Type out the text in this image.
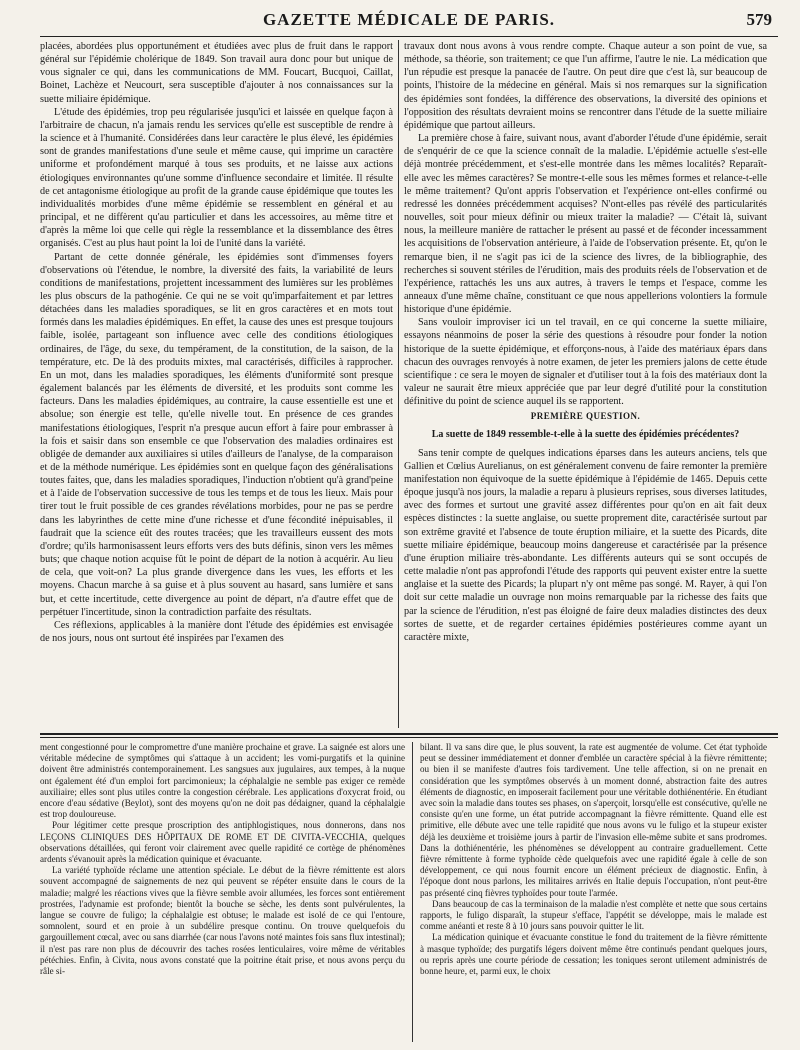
GAZETTE MÉDICALE DE PARIS.	579

placées, abordées plus opportunément et étudiées avec plus de fruit dans le rapport général sur l'épidémie cholérique de 1849. Son travail aura donc pour but unique de vous signaler ce qui, dans les communications de MM. Foucart, Bucquoi, Caillat, Boinet, Lachèze et Neucourt, sera susceptible d'ajouter à nos connaissances sur la suette miliaire épidémique.

L'étude des épidémies, trop peu régularisée jusqu'ici et laissée en quelque façon à l'arbitraire de chacun, n'a jamais rendu les services qu'elle est susceptible de rendre à la science et à l'humanité. Considérées dans leur caractère le plus élevé, les épidémies sont de grandes manifestations d'une seule et même cause, qui imprime un caractère uniforme et profondément marqué à tous ses produits, et ne laisse aux actions étiologiques environnantes qu'une somme d'influence secondaire et limitée. Il résulte de cet antagonisme étiologique au profit de la grande cause épidémique que toutes les individualités morbides d'une même épidémie se ressemblent en général et au principal, et ne diffèrent qu'au particulier et dans les accessoires, au même titre et d'après la même loi que celle qui règle la ressemblance et la dissemblance des êtres organisés. C'est au plus haut point la loi de l'unité dans la variété.

Partant de cette donnée générale, les épidémies sont d'immenses foyers d'observations où l'étendue, le nombre, la diversité des faits, la variabilité de leurs conditions de manifestations, projettent incessamment des lumières sur les problèmes les plus obscurs de la pathogénie. Ce qui ne se voit qu'imparfaitement et par lettres détachées dans les maladies sporadiques, se lit en gros caractères et en mots tout formés dans les maladies épidémiques. En effet, la cause des unes est presque toujours faible, isolée, partageant son influence avec celle des conditions étiologiques ordinaires, de l'âge, du sexe, du tempérament, de la constitution, de la saison, de la température, etc. De là des produits mixtes, mal caractérisés, difficiles à rapprocher. En un mot, dans les maladies sporadiques, les éléments d'uniformité sont presque également balancés par les éléments de diversité, et les produits sont comme les facteurs. Dans les maladies épidémiques, au contraire, la cause essentielle est une et absolue; son énergie est telle, qu'elle nivelle tout. En présence de ces grandes manifestations étiologiques, l'esprit n'a presque aucun effort à faire pour embrasser à la fois et saisir dans son ensemble ce que l'observation des maladies ordinaires est obligée de demander aux auxiliaires si utiles d'ailleurs de l'analyse, de la comparaison et de la méthode numérique. Les épidémies sont en quelque façon des généralisations toutes faites, que, dans les maladies sporadiques, l'induction n'obtient qu'à grand'peine et à l'aide de l'observation successive de tous les temps et de tous les lieux. Mais pour tirer tout le fruit possible de ces grandes révélations morbides, pour ne pas se perdre dans les labyrinthes de cette mine d'une richesse et d'une fécondité inépuisables, il faudrait que la science eût des routes tracées; que les travailleurs eussent des mots d'ordre; qu'ils harmonisassent leurs efforts vers des buts définis, sinon vers les mêmes buts; que chaque notion acquise fût le point de départ de la notion à acquérir. Au lieu de cela, que voit-on? La plus grande divergence dans les vues, les efforts et les moyens. Chacun marche à sa guise et à plus souvent au hasard, sans lumière et sans but, et cette incertitude, cette divergence au point de départ, n'a d'autre effet que de perpétuer l'incertitude, sinon la contradiction parfaite des résultats.

Ces réflexions, applicables à la manière dont l'étude des épidémies est envisagée de nos jours, nous ont surtout été inspirées par l'examen des

travaux dont nous avons à vous rendre compte. Chaque auteur a son point de vue, sa méthode, sa théorie, son traitement; ce que l'un affirme, l'autre le nie. La médication que l'un répudie est presque la panacée de l'autre. On peut dire que c'est là, sur beaucoup de points, l'histoire de la médecine en général. Mais si nos remarques sur la signification des épidémies sont fondées, la différence des observations, la diversité des opinions et l'opposition des résultats devraient moins se rencontrer dans l'étude de la suette miliaire épidémique que partout ailleurs.

La première chose à faire, suivant nous, avant d'aborder l'étude d'une épidémie, serait de s'enquérir de ce que la science connaît de la maladie. L'épidémie actuelle s'est-elle déjà montrée précédemment, et s'est-elle montrée dans les mêmes localités? Reparaît-elle avec les mêmes caractères? Se montre-t-elle sous les mêmes formes et relance-t-elle le même traitement? Qu'ont appris l'observation et l'expérience ont-elles confirmé ou redressé les données précédemment acquises? N'ont-elles pas révélé des particularités nouvelles, soit pour mieux définir ou mieux traiter la maladie? — C'était là, suivant nous, la meilleure manière de rattacher le présent au passé et de féconder incessamment les acquisitions de l'observation antérieure, à l'aide de l'observation présente. Et, qu'on le remarque bien, il ne s'agit pas ici de la science des livres, de la bibliographie, des recherches si souvent stériles de l'érudition, mais des produits réels de l'observation et de l'expérience, rattachés les uns aux autres, à travers le temps et l'espace, comme les anneaux d'une même chaîne, constituant ce que nous appellerions volontiers la formule historique d'une épidémie.

Sans vouloir improviser ici un tel travail, en ce qui concerne la suette miliaire, essayons néanmoins de poser la série des questions à résoudre pour fonder la notion historique de la suette épidémique, et efforçons-nous, à l'aide des matériaux épars dans chacun des ouvrages renvoyés à notre examen, de jeter les premiers jalons de cette étude scientifique : ce sera le moyen de signaler et d'utiliser tout à la fois des matériaux dont la valeur ne saurait être mieux appréciée que par leur degré d'utilité pour la constitution définitive du point de science auquel ils se rapportent.

PREMIÈRE QUESTION.

La suette de 1849 ressemble-t-elle à la suette des épidémies précédentes?

Sans tenir compte de quelques indications éparses dans les auteurs anciens, tels que Gallien et Cœlius Aurelianus, on est généralement convenu de faire remonter la première manifestation non équivoque de la suette épidémique à l'épidémie de 1465. Depuis cette époque jusqu'à nos jours, la maladie a reparu à plusieurs reprises, sous diverses latitudes, avec des formes et surtout une gravité assez différentes pour qu'on en ait fait deux espèces distinctes : la suette anglaise, ou suette proprement dite, caractérisée surtout par son extrême gravité et l'absence de toute éruption miliaire, et la suette des Picards, dite suette miliaire épidémique, beaucoup moins dangereuse et caractérisée par la présence d'une éruption miliaire très-abondante. Les différents auteurs qui se sont occupés de cette maladie n'ont pas approfondi l'étude des rapports qui peuvent exister entre la suette anglaise et la suette des Picards; la plupart n'y ont même pas songé. M. Rayer, à qui l'on doit sur cette maladie un ouvrage non moins remarquable par la richesse des faits que par la science de l'érudition, n'est pas éloigné de faire deux maladies distinctes des deux sortes de suette, et de regarder certaines épidémies postérieures comme ayant un caractère mixte,

ment congestionné pour le compromettre d'une manière prochaine et grave. La saignée est alors une véritable médecine de symptômes qui s'attaque à un accident; les vomi-purgatifs et la quinine doivent être administrés contemporainement. Les sangsues aux jugulaires, aux tempes, à la nuque ont également été d'un emploi fort parcimonieux; la céphalalgie ne semble pas exiger ce remède auxiliaire; elles sont plus utiles contre la congestion cérébrale. Les applications d'oxycrat froid, ou encore d'eau sédative (Beylot), sont des moyens qu'on ne doit pas dédaigner, quand la céphalalgie est trop douloureuse.

Pour légitimer cette presque proscription des antiphlogistiques, nous donnerons, dans nos LEÇONS CLINIQUES DES HÔPITAUX DE ROME ET DE CIVITA-VECCHIA, quelques observations détaillées, qui feront voir clairement avec quelle rapidité ce cortège de phénomènes ardents s'évanouit après la médication quinique et évacuante.

La variété typhoïde réclame une attention spéciale. Le début de la fièvre rémittente est alors souvent accompagné de saignements de nez qui peuvent se répéter ensuite dans le cours de la maladie; malgré les réactions vives que la fièvre semble avoir allumées, les forces sont entièrement prostrées, l'adynamie est profonde; bientôt la bouche se sèche, les dents sont pulvérulentes, la langue se couvre de fuligo; la céphalalgie est obtuse; le malade est isolé de ce qui l'entoure, somnolent, sourd et en proie à un subdélire presque continu. On trouve quelquefois du gargouillement cœcal, avec ou sans diarrhée (car nous l'avons noté maintes fois sans flux intestinal); il n'est pas rare non plus de découvrir des taches rosées lenticulaires, voire même de véritables pétéchies. Enfin, à Civita, nous avons constaté que la poitrine était prise, et nous avons perçu du râle si-

bilant. Il va sans dire que, le plus souvent, la rate est augmentée de volume. Cet état typhoïde peut se dessiner immédiatement et donner d'emblée un caractère spécial à la fièvre rémittente; ou bien il se manifeste d'autres fois tardivement. Une telle affection, si on ne prenait en considération que les symptômes observés à un moment donné, abstraction faite des autres éléments de diagnostic, en imposerait facilement pour une véritable dothiénentérie. En étudiant avec soin la maladie dans toutes ses phases, on s'aperçoit, lorsqu'elle est consécutive, qu'elle ne consiste qu'en une forme, un état putride accompagnant la fièvre rémittente. Quand elle est primitive, elle débute avec une telle rapidité que nous avons vu le fuligo et la stupeur exister déjà les deuxième et troisième jours à partir de l'invasion elle-même subite et sans prodromes. Dans la dothiénentérie, les phénomènes se développent au contraire graduellement. Cette fièvre rémittente à forme typhoïde cède quelquefois avec une rapidité égale à celle de son développement, ce qui nous fournit encore un élément précieux de diagnostic. Enfin, à l'époque dont nous parlons, les militaires arrivés en Italie depuis l'occupation, n'ont peut-être pas présenté cinq fièvres typhoïdes pour toute l'armée.

Dans beaucoup de cas la terminaison de la maladie n'est complète et nette que sous certains rapports, le fuligo disparaît, la stupeur s'efface, l'appétit se développe, mais le malade est comme anéanti et reste 8 à 10 jours sans pouvoir quitter le lit.

La médication quinique et évacuante constitue le fond du traitement de la fièvre rémittente à masque typhoïde; des purgatifs légers doivent même être continués pendant quelques jours, ou repris après une courte période de cessation; les toniques seront utilement administrés de bonne heure, et, parmi eux, le choix
